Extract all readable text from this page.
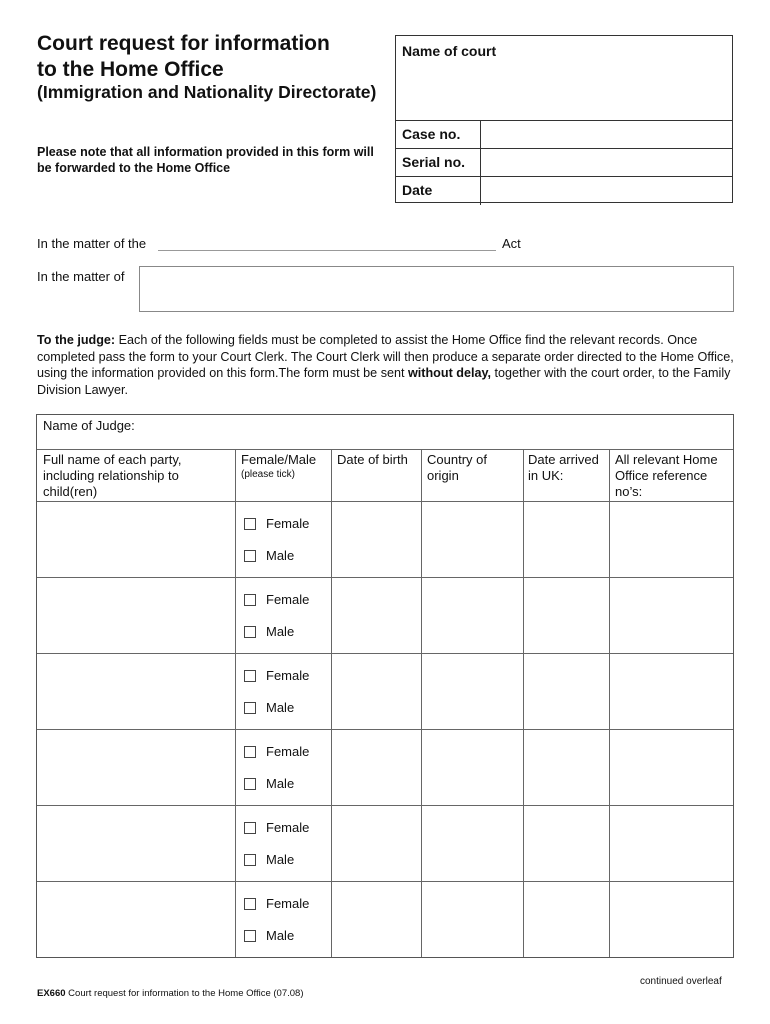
Court request for information
to the Home Office
(Immigration and Nationality Directorate)
Please note that all information provided in this form will be forwarded to the Home Office
Name of court
Case no.
Serial no.
Date
In the matter of the	Act
In the matter of
To the judge: Each of the following fields must be completed to assist the Home Office find the relevant records. Once completed pass the form to your Court Clerk. The Court Clerk will then produce a separate order directed to the Home Office, using the information provided on this form.The form must be sent without delay, together with the court order, to the Family Division Lawyer.
Name of Judge:
Full name of each party, including relationship to child(ren)
Female/Male
(please tick)
Date of birth	Country of origin
Date arrived in UK:
All relevant Home Office reference no’s:
Female
Male
Female
Male
Female
Male
Female
Male
Female
Male
Female
Male
continued overleaf
EX660 Court request for information to the Home Office (07.08)
